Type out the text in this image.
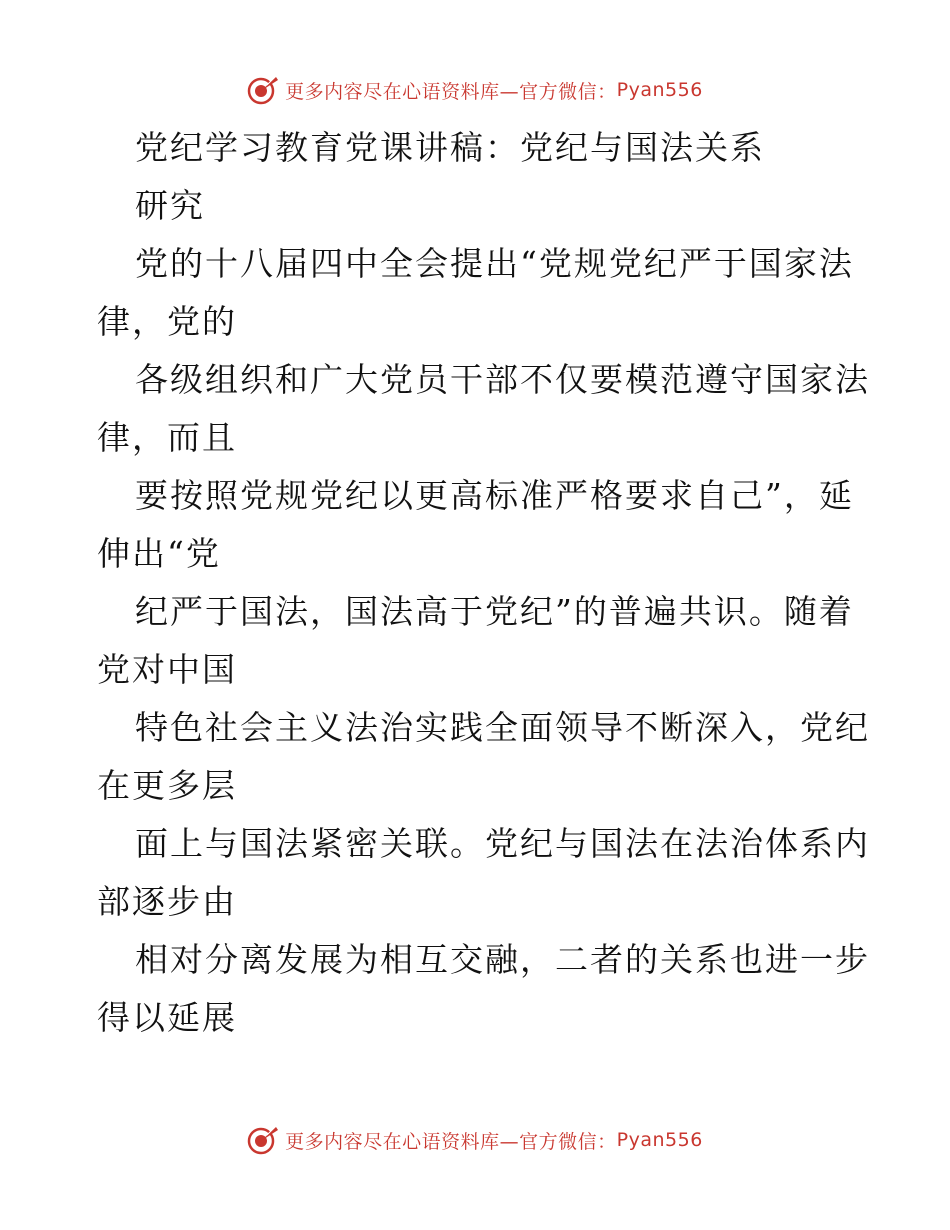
更多内容尽在心语资料库—官方微信： Pyan556
党纪学习教育党课讲稿：党纪与国法关系
研究
党的十八届四中全会提出“党规党纪严于国家法
律，党的
各级组织和广大党员干部不仅要模范遵守国家法
律，而且
要按照党规党纪以更高标准严格要求自己”，延
伸出“党
纪严于国法，国法高于党纪”的普遍共识。随着
党对中国
特色社会主义法治实践全面领导不断深入，党纪
在更多层
面上与国法紧密关联。党纪与国法在法治体系内
部逐步由
相对分离发展为相互交融，二者的关系也进一步
得以延展
更多内容尽在心语资料库—官方微信： Pyan556
